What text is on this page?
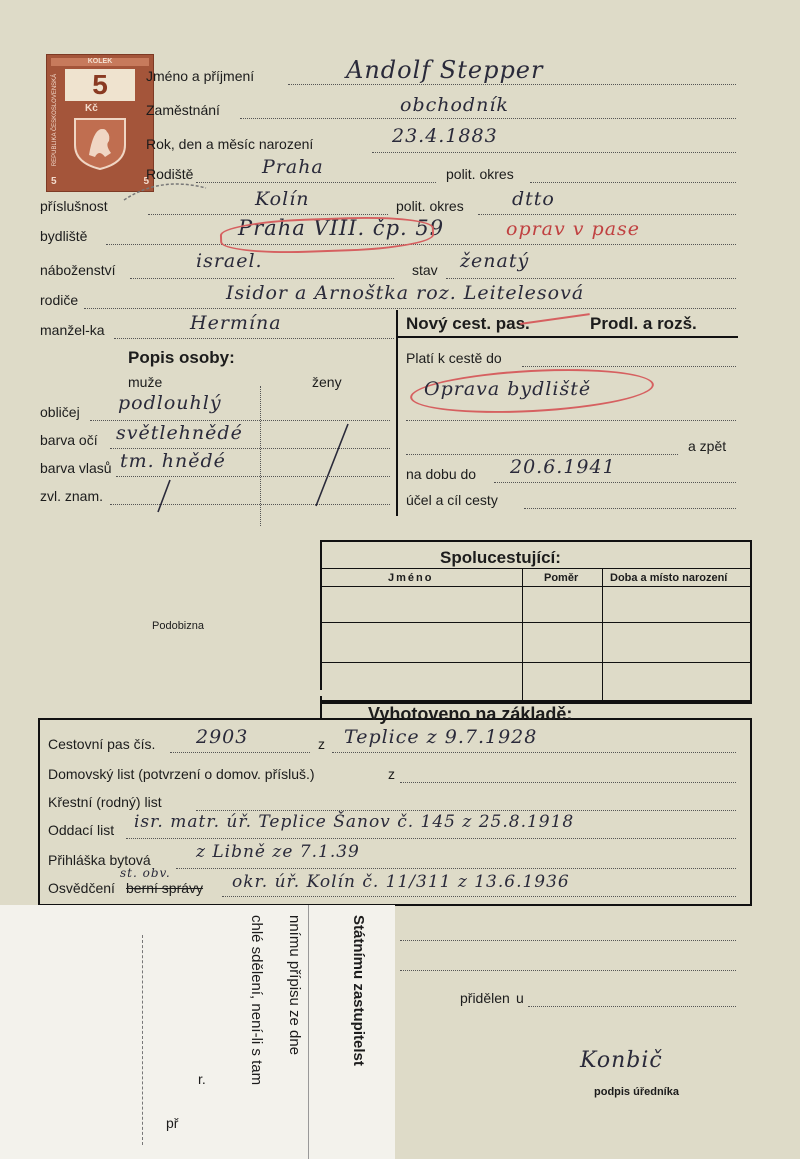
KOLEK
5
Kč
5	5
REPUBLIKA ČESKOSLOVENSKÁ	Jméno a příjmení	Andolf Stepper
Zaměstnání	obchodník
Rok, den a měsíc narození	23.4.1883
Rodiště	Praha	polit. okres
příslušnost	Kolín	polit. okres	dtto
bydliště	Praha VIII. čp. 59	oprav v pase
náboženství	israel.	stav ženatý
rodiče	Isidor a Arnoštka roz. Leitelesová
manžel-ka	Hermína	Nový cest. pas.	Prodl. a rozš.
Popis osoby:
muže	ženy
obličej podlouhlý
barva očí světlehnědé
barva vlasů tm. hnědé
zvl. znam.
Platí k cestě do
Oprava bydliště
a zpět
na dobu do 20.6.1941
účel a cíl cesty
Podobizna
Spolucestující:
Jméno	Poměr	Doba a místo narození
Vyhotoveno na základě:
Cestovní pas čís. 2903	z Teplice z 9.7.1928
Domovský list (potvrzení o domov. přísluš.)	z
Křestní (rodný) list
Oddací list isr. matr. úř. Teplice Šanov č. 145 z 25.8.1918
Přihláška bytová	z Libně ze 7.1.39
Osvědčení berní správy
st. obv.	okr. úř. Kolín č. 11/311 z 13.6.1936
přidělen u
Konbič
podpis úředníka
Státnímu zastupitelst
nnímu přípisu ze dne
chlé sdělení, není-li s tam
r.
př
